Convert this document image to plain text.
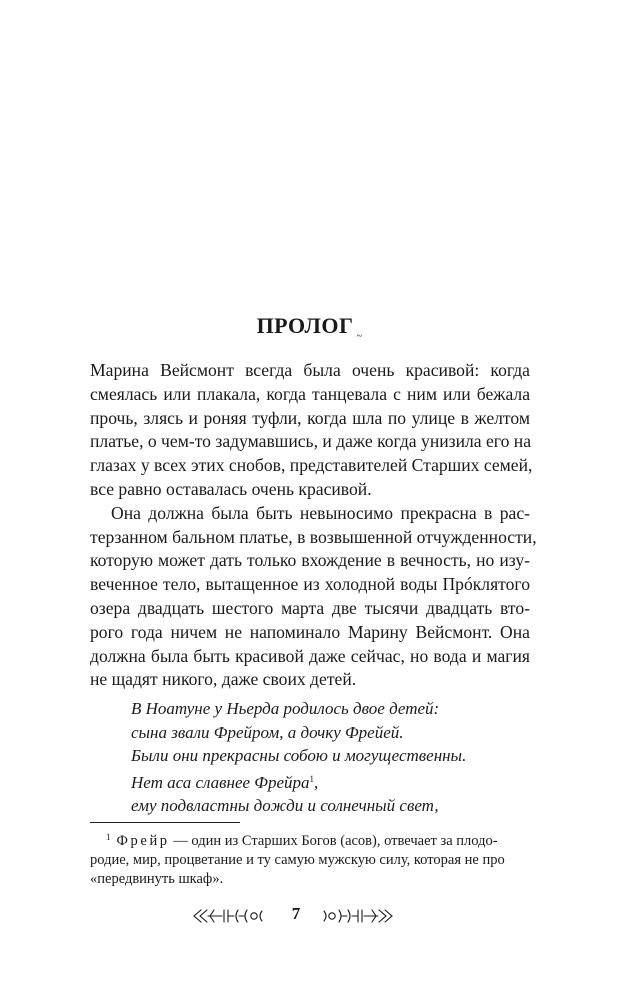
ПРОЛОГ $_\sim$
Марина Вейсмонт всегда была очень красивой: когда
смеялась или плакала, когда танцевала с ним или бежала
прочь, злясь и роняя туфли, когда шла по улице в желтом
платье, о чем-то задумавшись, и даже когда унизила его на
глазах у всех этих снобов, представителей Старших семей,
все равно оставалась очень красивой.
Она должна была быть невыносимо прекрасна в рас-
терзанном бальном платье, в возвышенной отчужденности,
которую может дать только вхождение в вечность, но изу-
веченное тело, вытащенное из холодной воды Прóклятого
озера двадцать шестого марта две тысячи двадцать вто-
рого года ничем не напоминало Марину Вейсмонт. Она
должна была быть красивой даже сейчас, но вода и магия
не щадят никого, даже своих детей.
В Ноатуне у Ньерда родилось двое детей:
сына звали Фрейром, а дочку Фрейей.
Были они прекрасны собою и могущественны.
Нет аса славнее Фрейра$^1$,
ему подвластны дожди и солнечный свет,
$^1$ Фрейр — один из Старших Богов (асов), отвечает за плодо-
родие, мир, процветание и ту самую мужскую силу, которая не про
«передвинуть шкаф».
7
